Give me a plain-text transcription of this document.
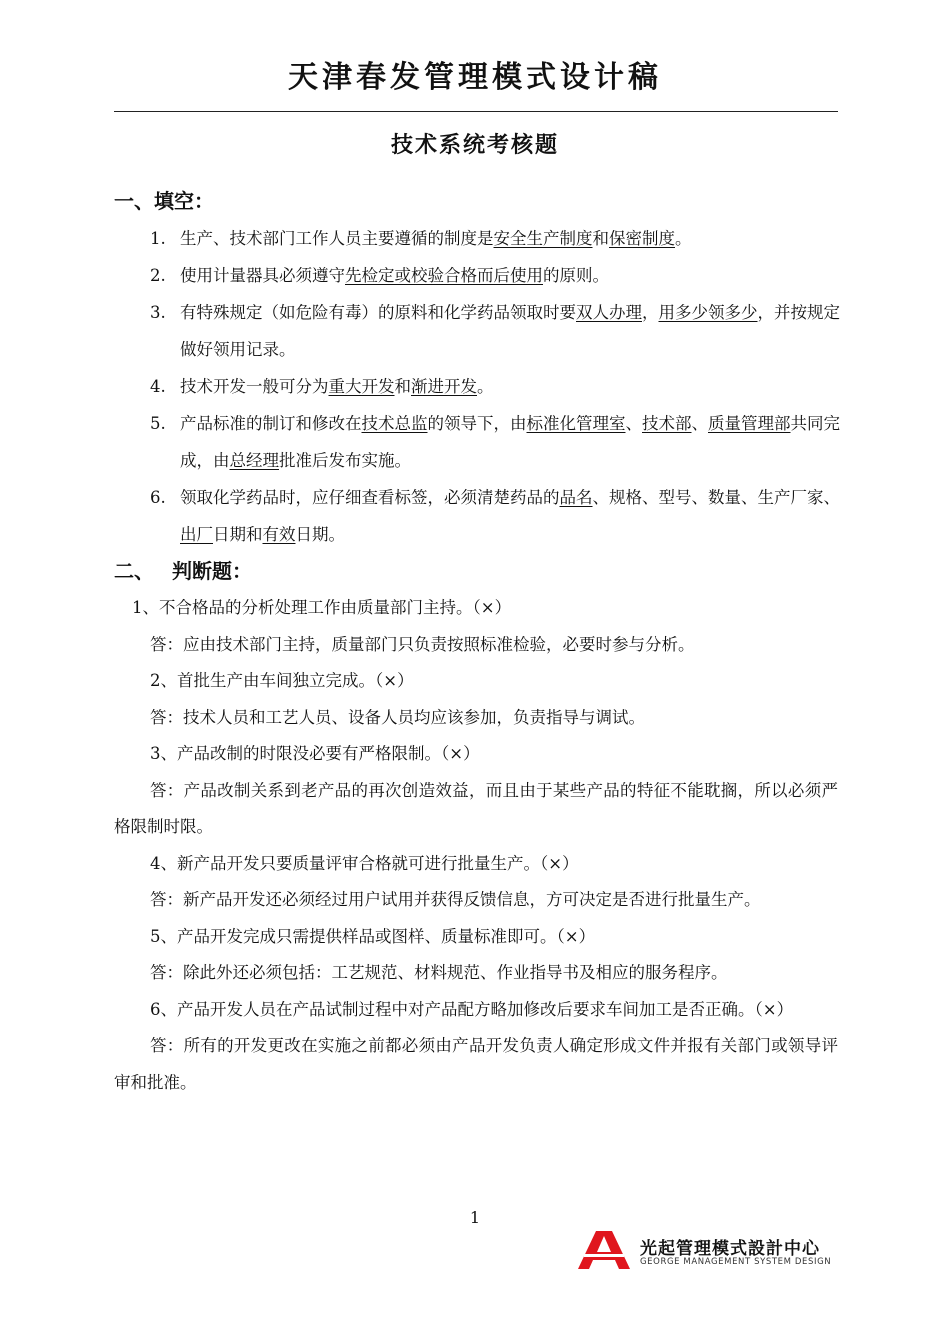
天津春发管理模式设计稿
技术系统考核题
一、填空：
1. 生产、技术部门工作人员主要遵循的制度是安全生产制度和保密制度。
2. 使用计量器具必须遵守先检定或校验合格而后使用的原则。
3. 有特殊规定（如危险有毒）的原料和化学药品领取时要双人办理，用多少领多少，并按规定做好领用记录。
4. 技术开发一般可分为重大开发和渐进开发。
5. 产品标准的制订和修改在技术总监的领导下，由标准化管理室、技术部、质量管理部共同完成，由总经理批准后发布实施。
6. 领取化学药品时，应仔细查看标签，必须清楚药品的品名、规格、型号、数量、生产厂家、出厂日期和有效日期。
二、 判断题：

1、不合格品的分析处理工作由质量部门主持。（×）

答：应由技术部门主持，质量部门只负责按照标准检验，必要时参与分析。

2、首批生产由车间独立完成。（×）

答：技术人员和工艺人员、设备人员均应该参加，负责指导与调试。

3、产品改制的时限没必要有严格限制。（×）

答：产品改制关系到老产品的再次创造效益，而且由于某些产品的特征不能耽搁，所以必须严格限制时限。

4、新产品开发只要质量评审合格就可进行批量生产。（×）

答：新产品开发还必须经过用户试用并获得反馈信息，方可决定是否进行批量生产。

5、产品开发完成只需提供样品或图样、质量标准即可。（×）

答：除此外还必须包括：工艺规范、材料规范、作业指导书及相应的服务程序。

6、产品开发人员在产品试制过程中对产品配方略加修改后要求车间加工是否正确。（×）

答：所有的开发更改在实施之前都必须由产品开发负责人确定形成文件并报有关部门或领导评审和批准。

1
光起管理模式設計中心
GEORGE MANAGEMENT SYSTEM DESIGN
